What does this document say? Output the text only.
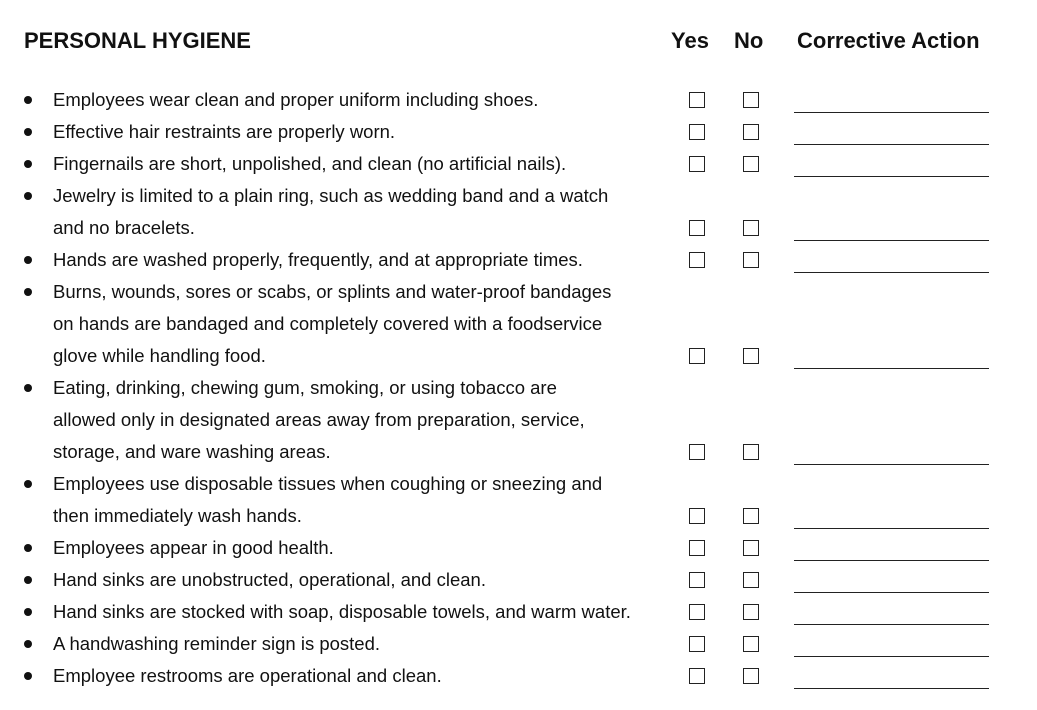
PERSONAL HYGIENE	Yes No Corrective Action
Employees wear clean and proper uniform including shoes.
Effective hair restraints are properly worn.
Fingernails are short, unpolished, and clean (no artificial nails).
Jewelry is limited to a plain ring, such as wedding band and a watch
and no bracelets.
Hands are washed properly, frequently, and at appropriate times.
Burns, wounds, sores or scabs, or splints and water-proof bandages
on hands are bandaged and completely covered with a foodservice
glove while handling food.
Eating, drinking, chewing gum, smoking, or using tobacco are
allowed only in designated areas away from preparation, service,
storage, and ware washing areas.
Employees use disposable tissues when coughing or sneezing and
then immediately wash hands.
Employees appear in good health.
Hand sinks are unobstructed, operational, and clean.
Hand sinks are stocked with soap, disposable towels, and warm water.
A handwashing reminder sign is posted.
Employee restrooms are operational and clean.
